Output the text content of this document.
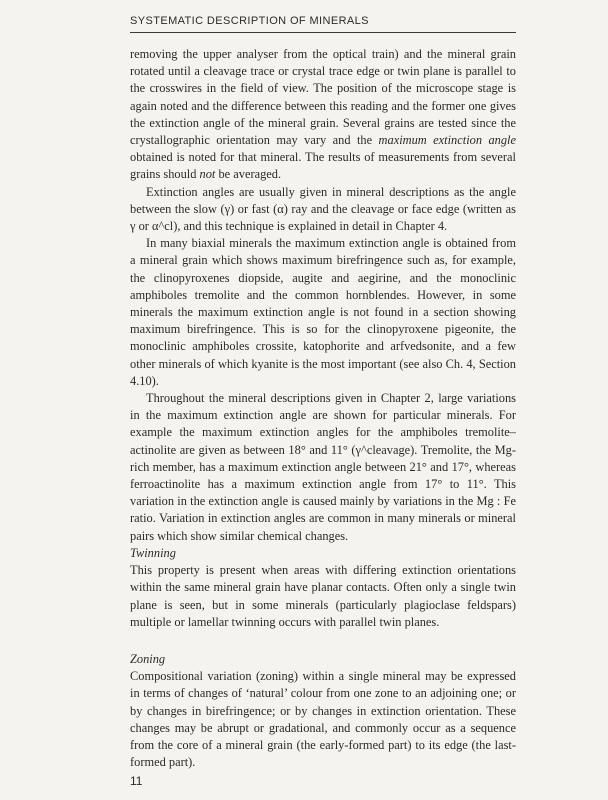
SYSTEMATIC DESCRIPTION OF MINERALS

removing the upper analyser from the optical train) and the mineral grain rotated until a cleavage trace or crystal trace edge or twin plane is parallel to the crosswires in the field of view. The position of the microscope stage is again noted and the difference between this reading and the former one gives the extinction angle of the mineral grain. Several grains are tested since the crystallographic orientation may vary and the maximum extinction angle obtained is noted for that mineral. The results of measurements from several grains should not be averaged.

Extinction angles are usually given in mineral descriptions as the angle between the slow (γ) or fast (α) ray and the cleavage or face edge (written as γ or α^cl), and this technique is explained in detail in Chapter 4.

In many biaxial minerals the maximum extinction angle is obtained from a mineral grain which shows maximum birefringence such as, for example, the clinopyroxenes diopside, augite and aegirine, and the monoclinic amphiboles tremolite and the common hornblendes. However, in some minerals the maximum extinction angle is not found in a section showing maximum birefringence. This is so for the clinopyroxene pigeonite, the monoclinic amphiboles crossite, katophorite and arfvedsonite, and a few other minerals of which kyanite is the most important (see also Ch. 4, Section 4.10).

Throughout the mineral descriptions given in Chapter 2, large variations in the maximum extinction angle are shown for particular minerals. For example the maximum extinction angles for the amphiboles tremolite–actinolite are given as between 18° and 11° (γ^cleavage). Tremolite, the Mg-rich member, has a maximum extinction angle between 21° and 17°, whereas ferroactinolite has a maximum extinction angle from 17° to 11°. This variation in the extinction angle is caused mainly by variations in the Mg : Fe ratio. Variation in extinction angles are common in many minerals or mineral pairs which show similar chemical changes.

Twinning

This property is present when areas with differing extinction orientations within the same mineral grain have planar contacts. Often only a single twin plane is seen, but in some minerals (particularly plagioclase feldspars) multiple or lamellar twinning occurs with parallel twin planes.

Zoning

Compositional variation (zoning) within a single mineral may be expressed in terms of changes of ‘natural’ colour from one zone to an adjoining one; or by changes in birefringence; or by changes in extinction orientation. These changes may be abrupt or gradational, and commonly occur as a sequence from the core of a mineral grain (the early-formed part) to its edge (the last-formed part).

11
